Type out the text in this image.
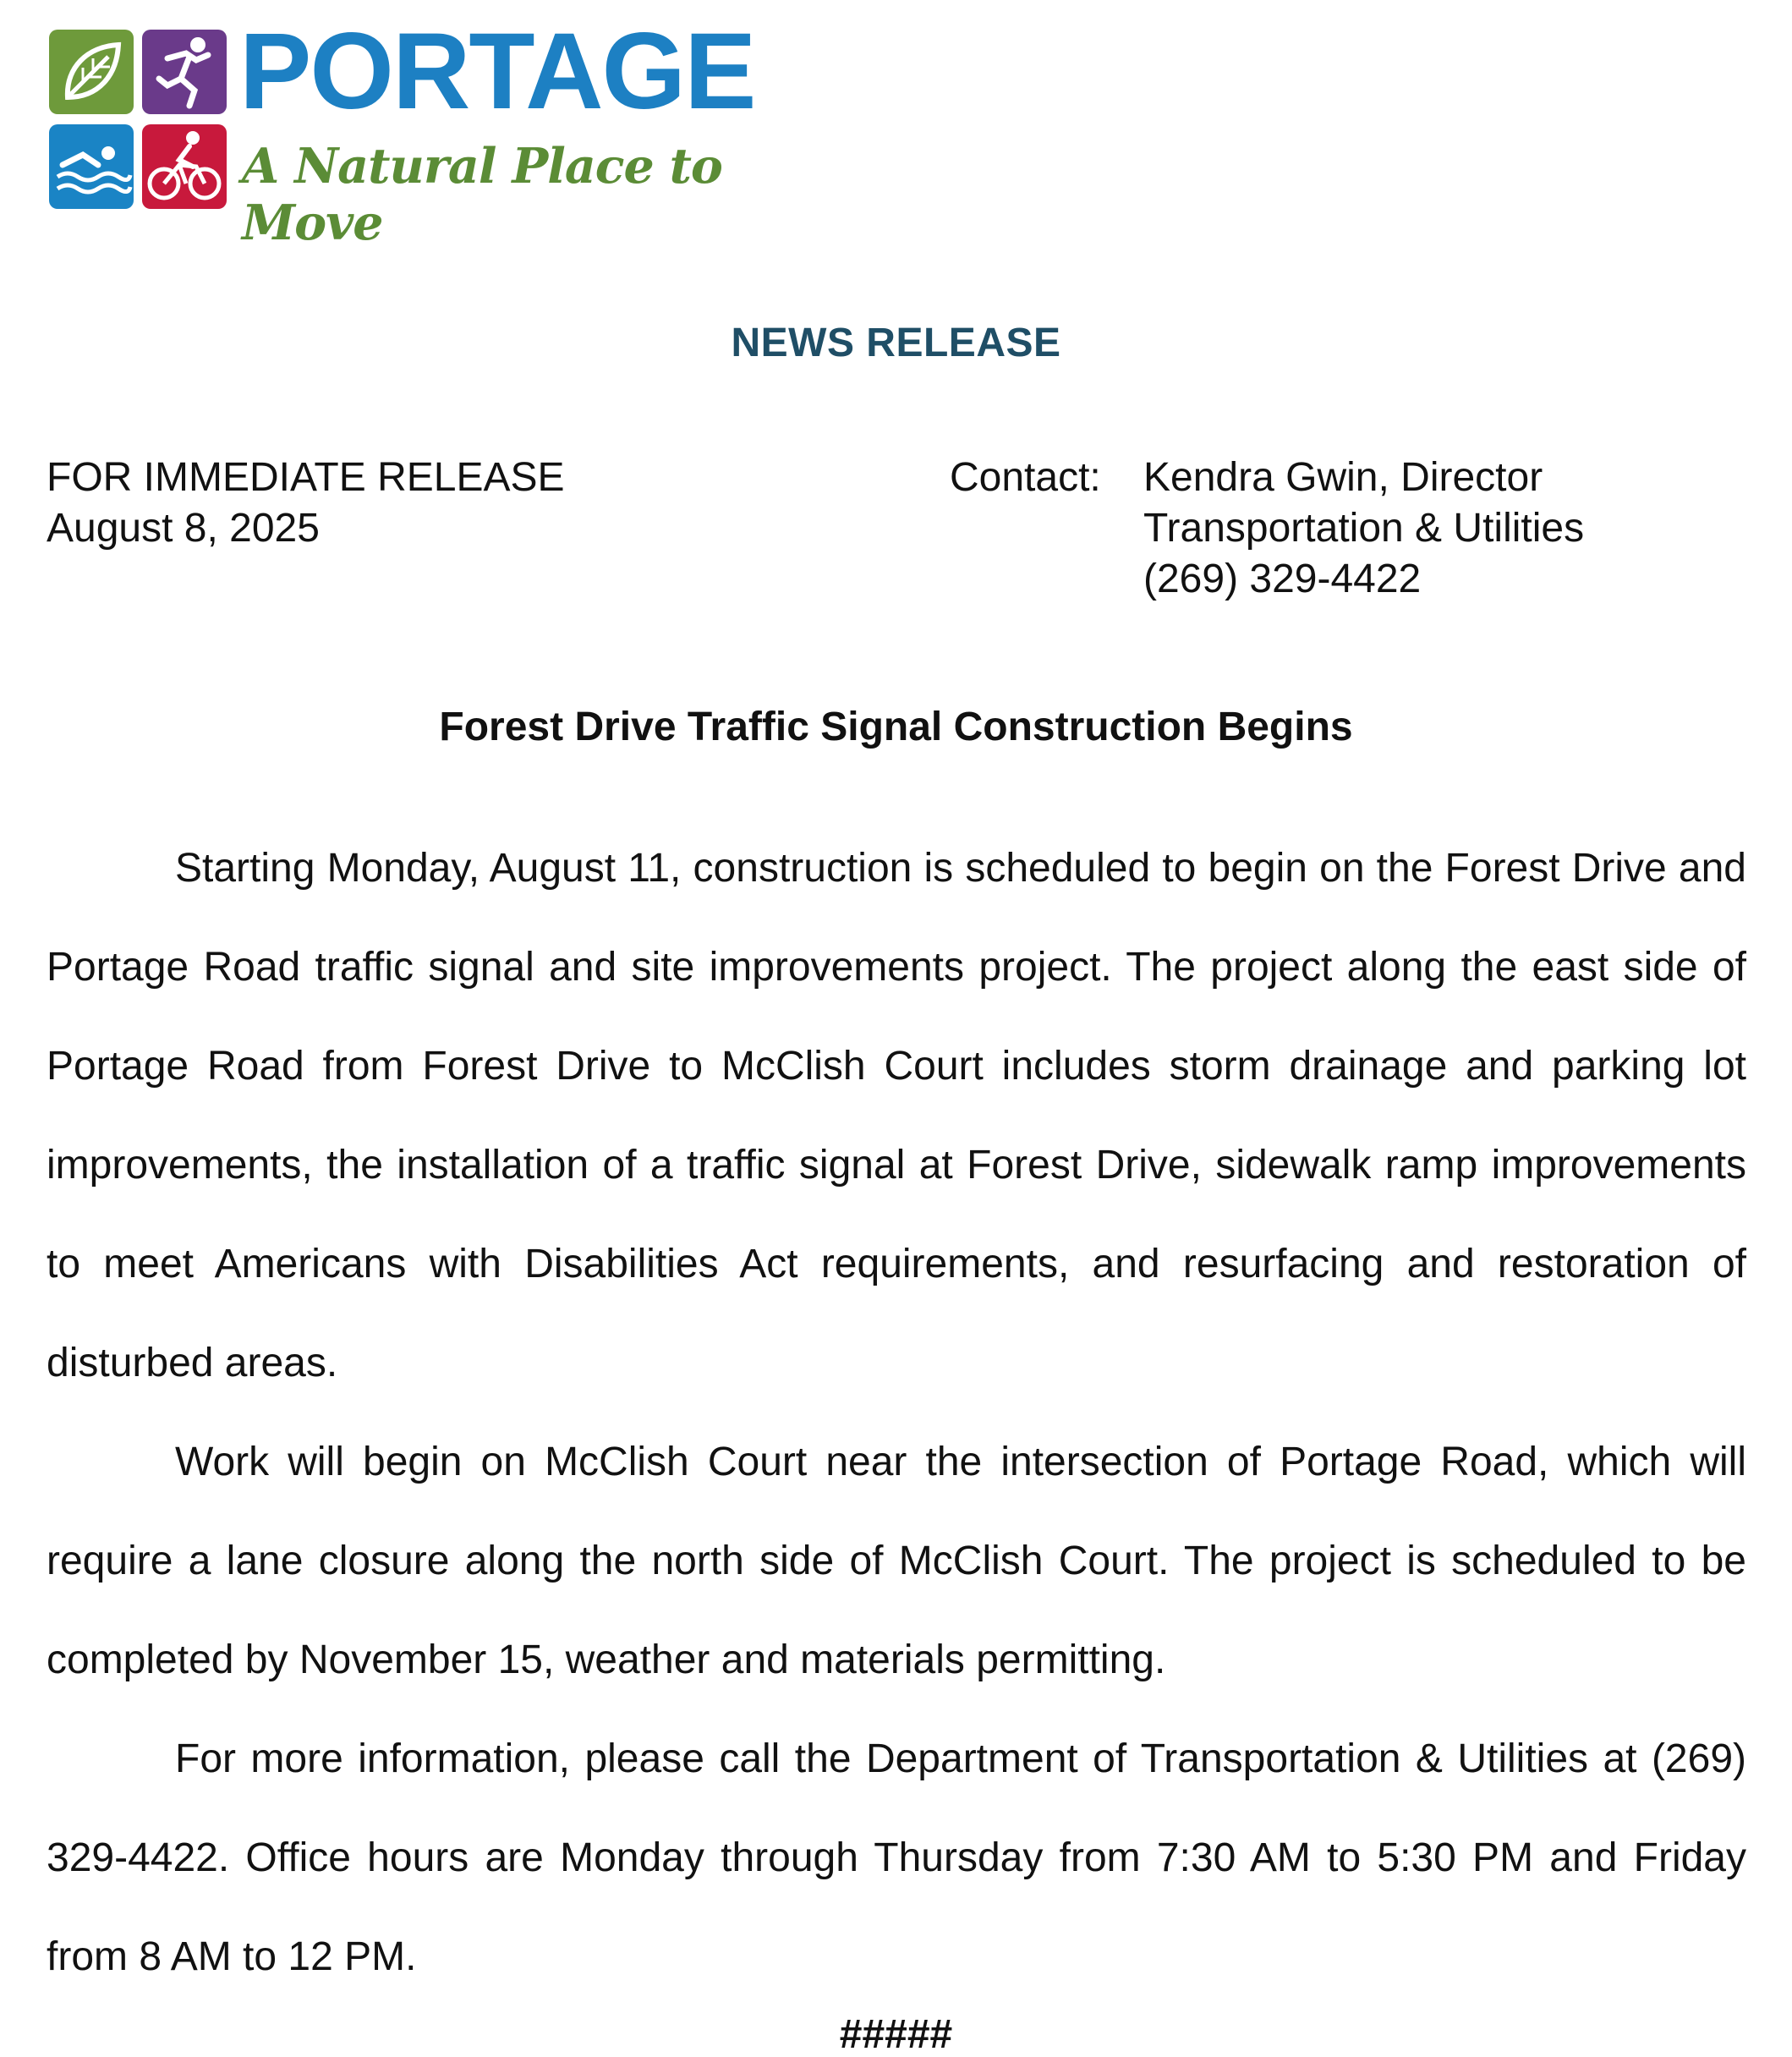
PORTAGE
A Natural Place to Move
NEWS RELEASE
FOR IMMEDIATE RELEASE
August 8, 2025
Contact: Kendra Gwin, Director
Transportation & Utilities
(269) 329-4422
Forest Drive Traffic Signal Construction Begins

Starting Monday, August 11, construction is scheduled to begin on the Forest Drive and Portage Road traffic signal and site improvements project. The project along the east side of Portage Road from Forest Drive to McClish Court includes storm drainage and parking lot improvements, the installation of a traffic signal at Forest Drive, sidewalk ramp improvements to meet Americans with Disabilities Act requirements, and resurfacing and restoration of disturbed areas.

Work will begin on McClish Court near the intersection of Portage Road, which will require a lane closure along the north side of McClish Court. The project is scheduled to be completed by November 15, weather and materials permitting.

For more information, please call the Department of Transportation & Utilities at (269) 329-4422. Office hours are Monday through Thursday from 7:30 AM to 5:30 PM and Friday from 8 AM to 12 PM.

#####
